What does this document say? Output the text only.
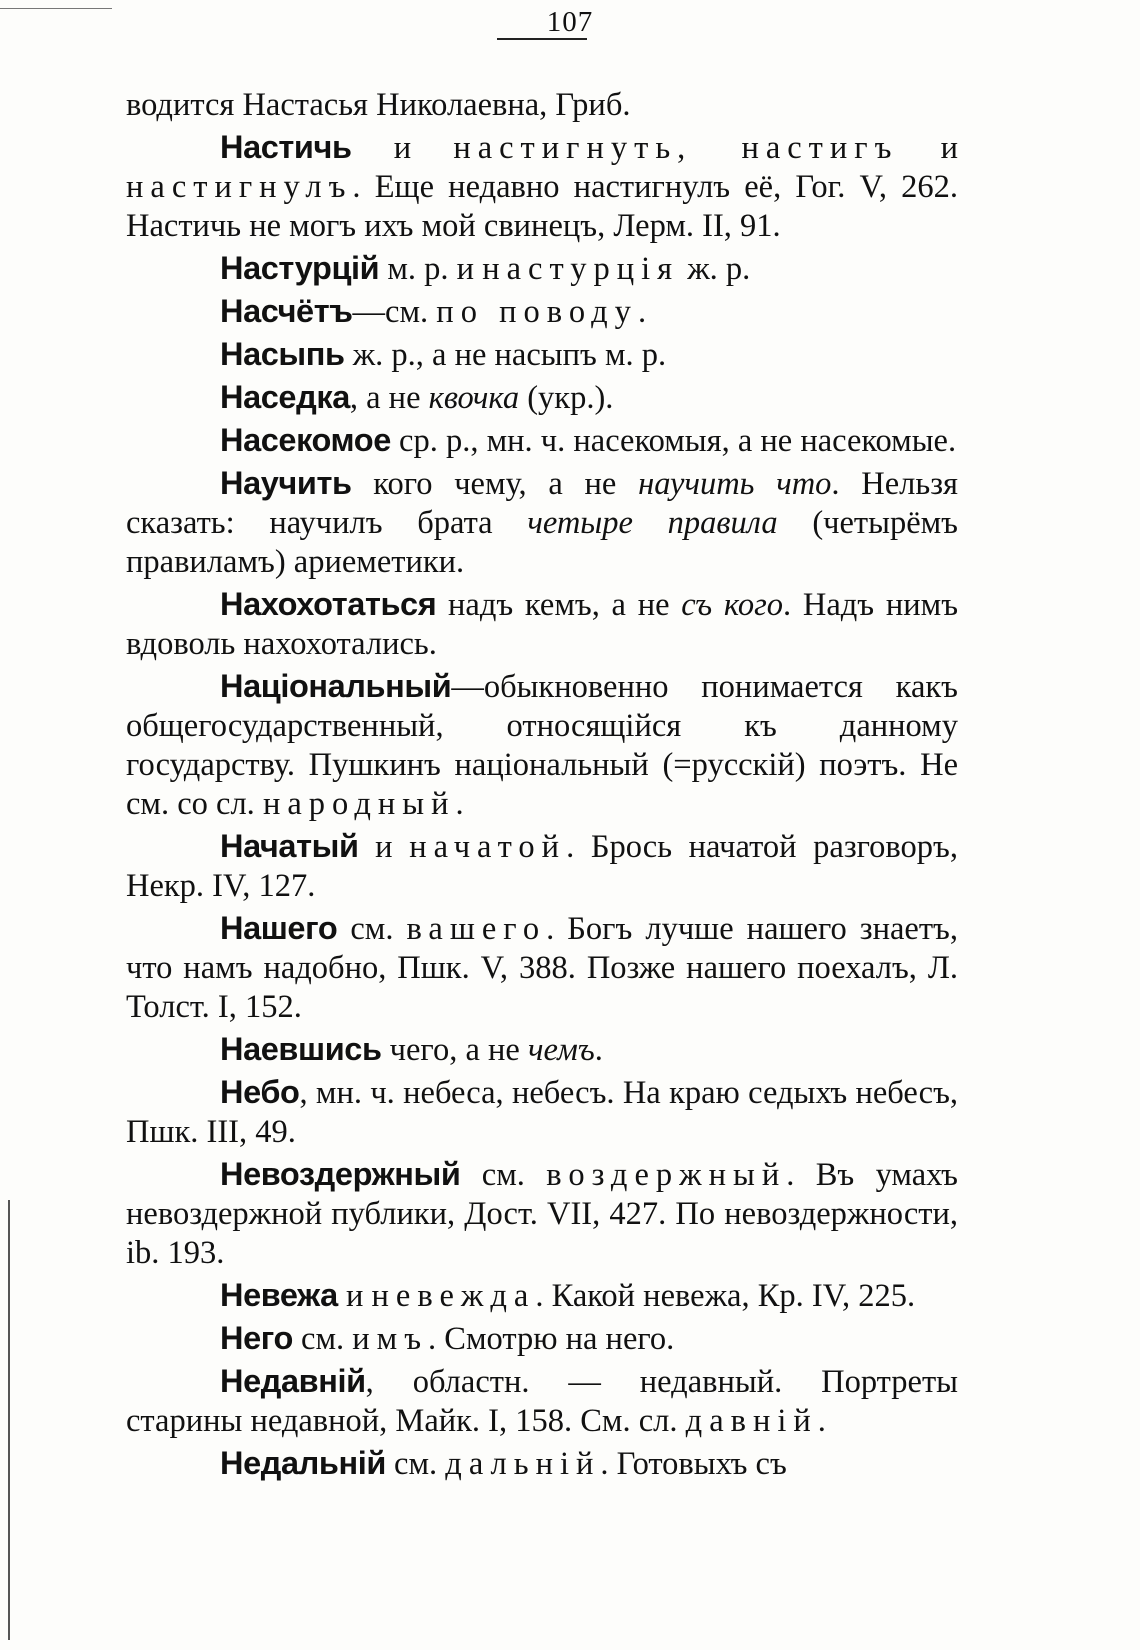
107

водится Настасья Николаевна, Гриб.

Настичь и настигнуть, настигъ и настигнулъ. Еще недавно настигнулъ её, Гог. V, 262. Настичь не могъ ихъ мой свинецъ, Лерм. II, 91.

Настурцій м. р. и настурція ж. р.

Насчётъ—см. по поводу.

Насыпь ж. р., а не насыпъ м. р.

Наседка, а не квочка (укр.).

Насекомое ср. р., мн. ч. насекомыя, а не насекомые.

Научить кого чему, а не научить что. Нельзя сказать: научилъ брата четыре правила (четырёмъ правиламъ) ариеметики.

Нахохотаться надъ кемъ, а не съ кого. Надъ нимъ вдоволь нахохотались.

Національный—обыкновенно понимается какъ общегосударственный, относящійся къ данному государству. Пушкинъ національный (=русскій) поэтъ. Не см. со сл. народный.

Начатый и начатой. Брось начатой разговоръ, Некр. IV, 127.

Нашего см. вашего. Богъ лучше нашего знаетъ, что намъ надобно, Пшк. V, 388. Позже нашего поехалъ, Л. Толст. I, 152.

Наевшись чего, а не чемъ.

Небо, мн. ч. небеса, небесъ. На краю седыхъ небесъ, Пшк. III, 49.

Невоздержный см. воздержный. Въ умахъ невоздержной публики, Дост. VII, 427. По невоздержности, ib. 193.

Невежа и невежда. Какой невежа, Кр. IV, 225.

Него см. имъ. Смотрю на него.

Недавній, областн. — недавный. Портреты старины недавной, Майк. I, 158. См. сл. давній.

Недальній см. дальній. Готовыхъ съ
